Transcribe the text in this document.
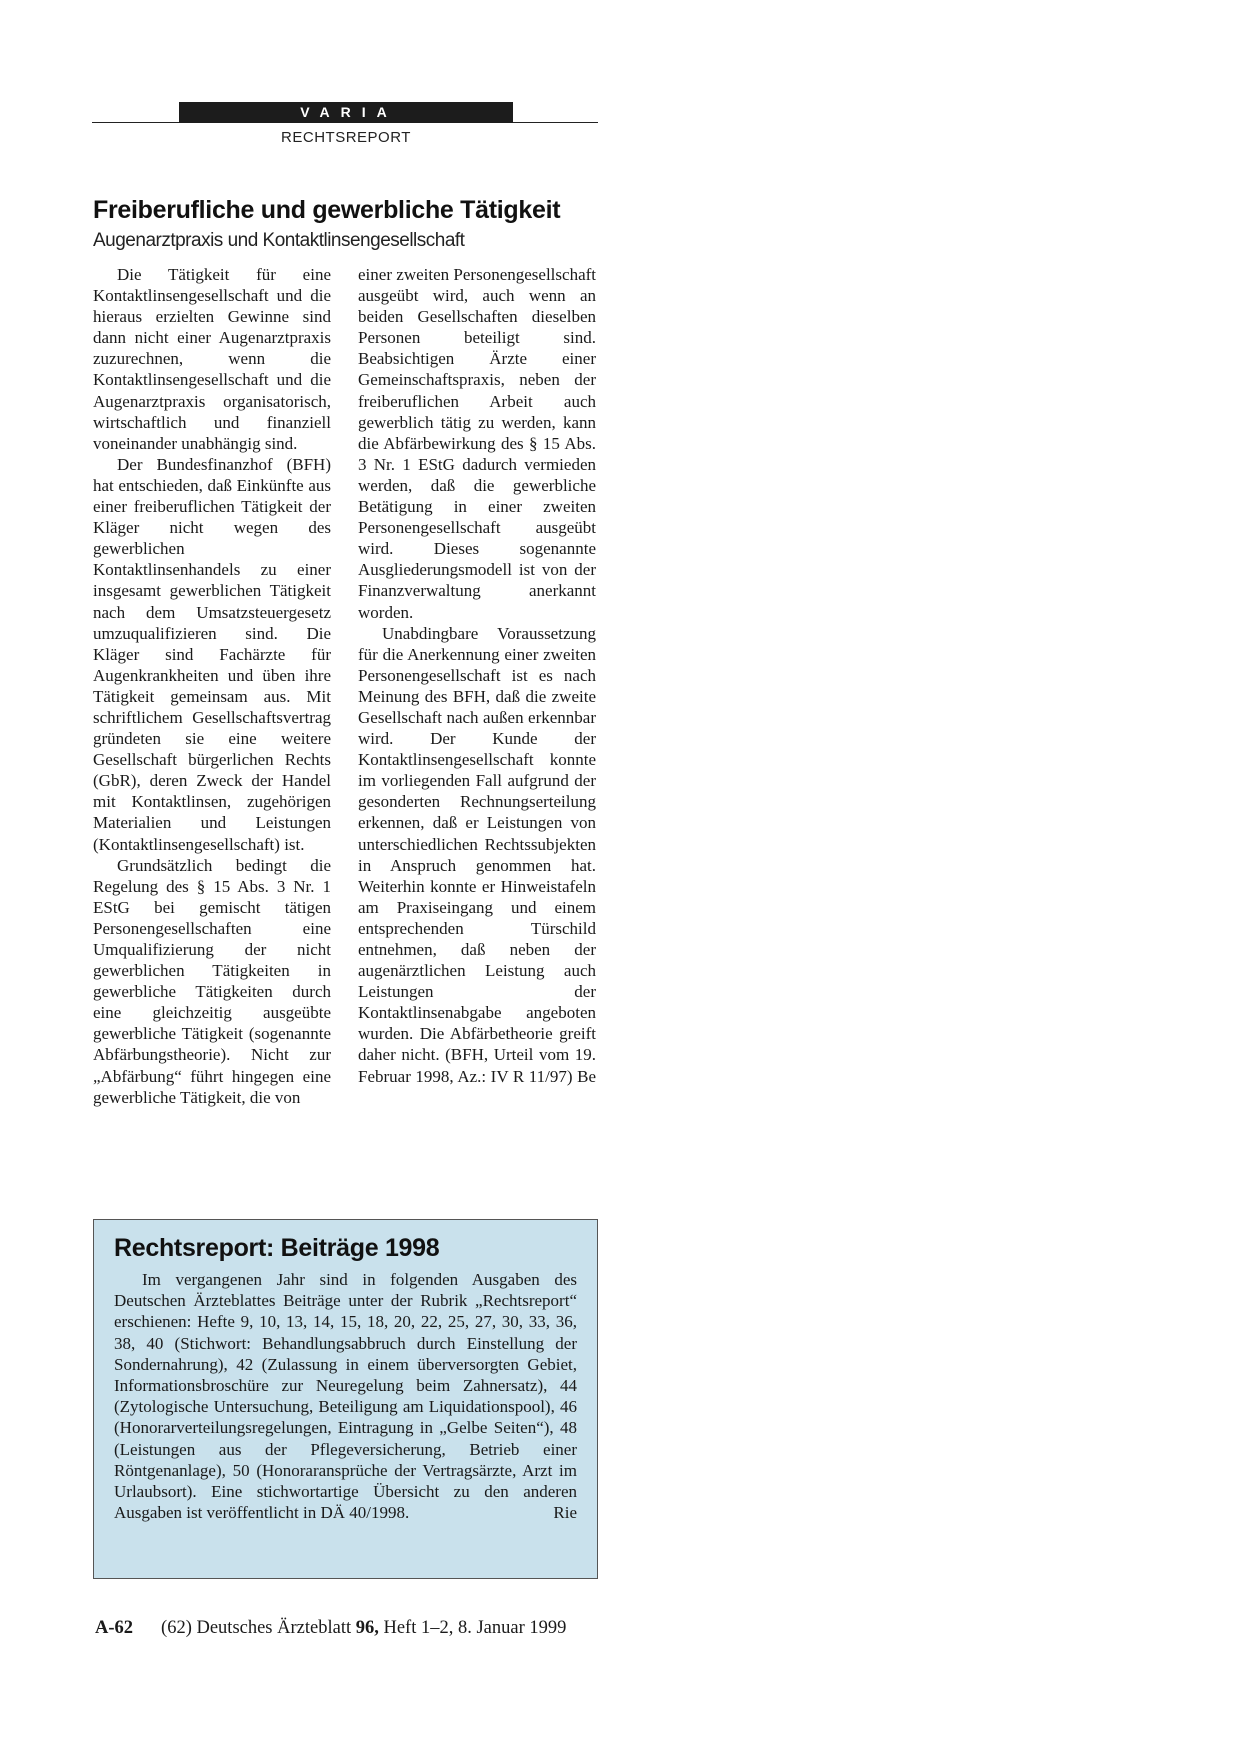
VARIA
RECHTSREPORT
Freiberufliche und gewerbliche Tätigkeit
Augenarztpraxis und Kontaktlinsengesellschaft

Die Tätigkeit für eine Kontaktlinsengesellschaft und die hieraus erzielten Gewinne sind dann nicht einer Augenarztpraxis zuzurechnen, wenn die Kontaktlinsengesellschaft und die Augenarztpraxis organisatorisch, wirtschaftlich und finanziell voneinander unabhängig sind.

Der Bundesfinanzhof (BFH) hat entschieden, daß Einkünfte aus einer freiberuflichen Tätigkeit der Kläger nicht wegen des gewerblichen Kontaktlinsenhandels zu einer insgesamt gewerblichen Tätigkeit nach dem Umsatzsteuergesetz umzuqualifizieren sind. Die Kläger sind Fachärzte für Augenkrankheiten und üben ihre Tätigkeit gemeinsam aus. Mit schriftlichem Gesellschaftsvertrag gründeten sie eine weitere Gesellschaft bürgerlichen Rechts (GbR), deren Zweck der Handel mit Kontaktlinsen, zugehörigen Materialien und Leistungen (Kontaktlinsengesellschaft) ist.

Grundsätzlich bedingt die Regelung des § 15 Abs. 3 Nr. 1 EStG bei gemischt tätigen Personengesellschaften eine Umqualifizierung der nicht gewerblichen Tätigkeiten in gewerbliche Tätigkeiten durch eine gleichzeitig ausgeübte gewerbliche Tätigkeit (sogenannte Abfärbungstheorie). Nicht zur „Abfärbung“ führt hingegen eine gewerbliche Tätigkeit, die von

einer zweiten Personengesellschaft ausgeübt wird, auch wenn an beiden Gesellschaften dieselben Personen beteiligt sind. Beabsichtigen Ärzte einer Gemeinschaftspraxis, neben der freiberuflichen Arbeit auch gewerblich tätig zu werden, kann die Abfärbewirkung des § 15 Abs. 3 Nr. 1 EStG dadurch vermieden werden, daß die gewerbliche Betätigung in einer zweiten Personengesellschaft ausgeübt wird. Dieses sogenannte Ausgliederungsmodell ist von der Finanzverwaltung anerkannt worden.

Unabdingbare Voraussetzung für die Anerkennung einer zweiten Personengesellschaft ist es nach Meinung des BFH, daß die zweite Gesellschaft nach außen erkennbar wird. Der Kunde der Kontaktlinsengesellschaft konnte im vorliegenden Fall aufgrund der gesonderten Rechnungserteilung erkennen, daß er Leistungen von unterschiedlichen Rechtssubjekten in Anspruch genommen hat. Weiterhin konnte er Hinweistafeln am Praxiseingang und einem entsprechenden Türschild entnehmen, daß neben der augenärztlichen Leistung auch Leistungen der Kontaktlinsenabgabe angeboten wurden. Die Abfärbetheorie greift daher nicht. (BFH, Urteil vom 19. Februar 1998, Az.: IV R 11/97) Be

Rechtsreport: Beiträge 1998

Im vergangenen Jahr sind in folgenden Ausgaben des Deutschen Ärzteblattes Beiträge unter der Rubrik „Rechtsreport“ erschienen: Hefte 9, 10, 13, 14, 15, 18, 20, 22, 25, 27, 30, 33, 36, 38, 40 (Stichwort: Behandlungsabbruch durch Einstellung der Sondernahrung), 42 (Zulassung in einem überversorgten Gebiet, Informationsbroschüre zur Neuregelung beim Zahnersatz), 44 (Zytologische Untersuchung, Beteiligung am Liquidationspool), 46 (Honorarverteilungsregelungen, Eintragung in „Gelbe Seiten“), 48 (Leistungen aus der Pflegeversicherung, Betrieb einer Röntgenanlage), 50 (Honoraransprüche der Vertragsärzte, Arzt im Urlaubsort). Eine stichwortartige Übersicht zu den anderen Ausgaben ist veröffentlicht in DÄ 40/1998.	Rie
A-62 (62) Deutsches Ärzteblatt 96, Heft 1–2, 8. Januar 1999
